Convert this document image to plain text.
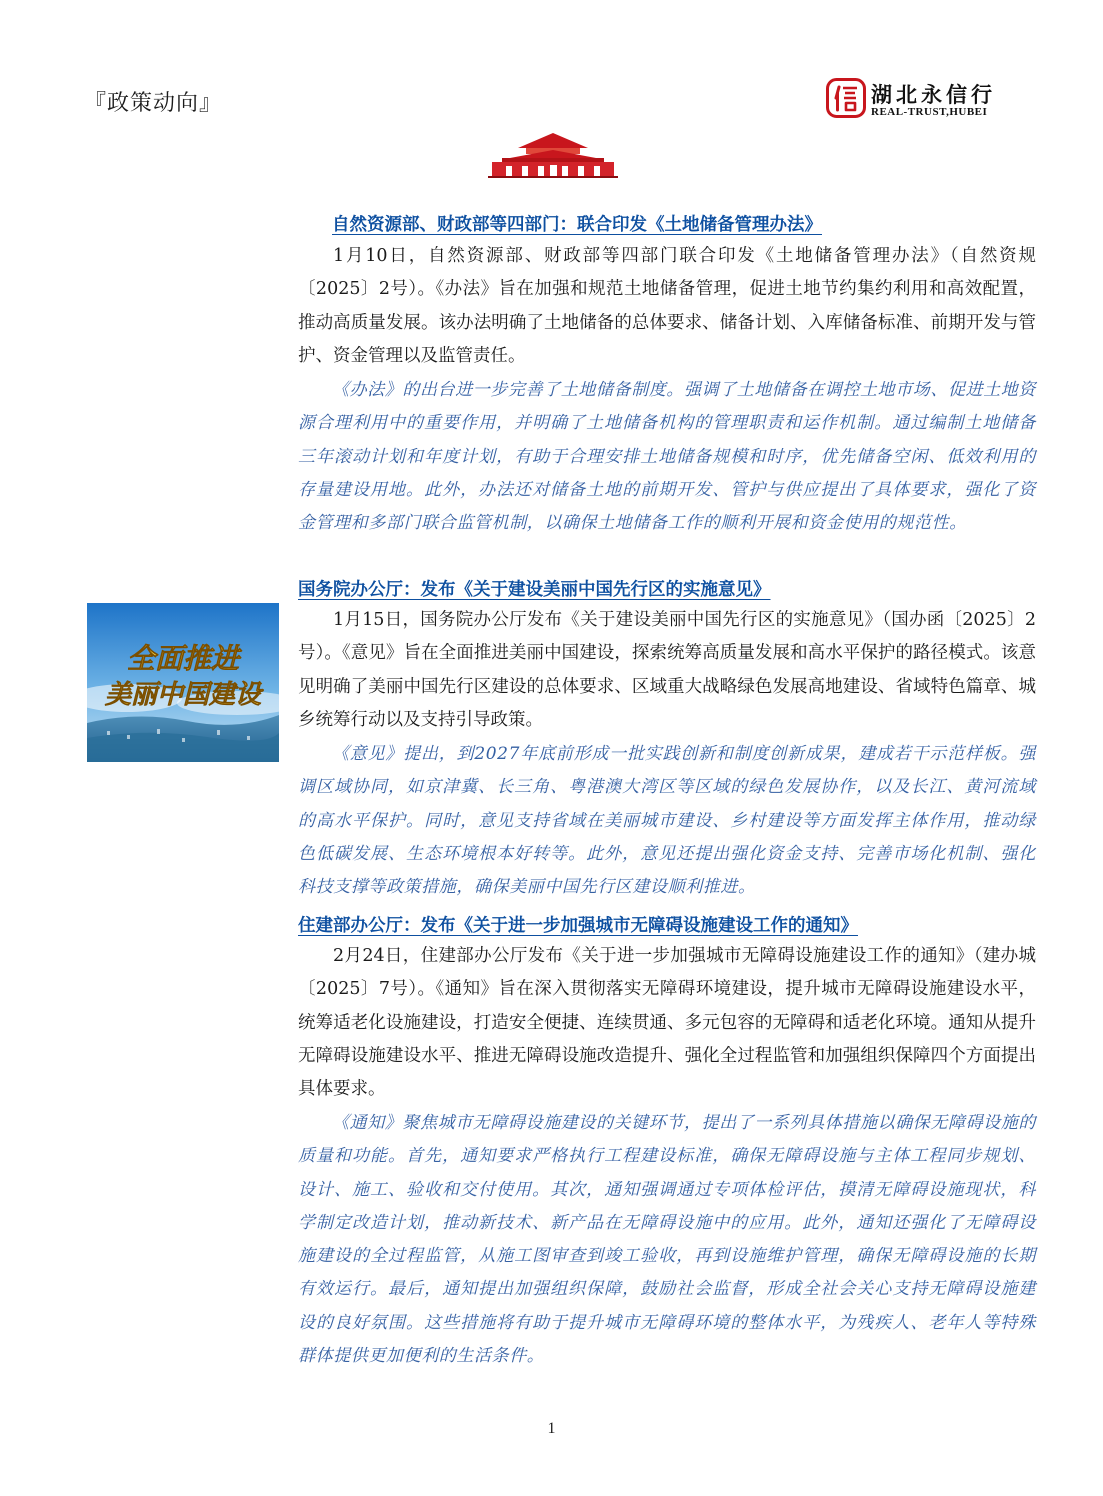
『政策动向』	湖北永信行
REAL-TRUST,HUBEI
自然资源部、财政部等四部门：联合印发《土地储备管理办法》

1月10日，自然资源部、财政部等四部门联合印发《土地储备管理办法》（自然资规〔2025〕2号）。《办法》旨在加强和规范土地储备管理，促进土地节约集约利用和高效配置，推动高质量发展。该办法明确了土地储备的总体要求、储备计划、入库储备标准、前期开发与管护、资金管理以及监管责任。

《办法》的出台进一步完善了土地储备制度。强调了土地储备在调控土地市场、促进土地资源合理利用中的重要作用，并明确了土地储备机构的管理职责和运作机制。通过编制土地储备三年滚动计划和年度计划，有助于合理安排土地储备规模和时序，优先储备空闲、低效利用的存量建设用地。此外，办法还对储备土地的前期开发、管护与供应提出了具体要求，强化了资金管理和多部门联合监管机制，以确保土地储备工作的顺利开展和资金使用的规范性。

国务院办公厅：发布《关于建设美丽中国先行区的实施意见》
全面推进
美丽中国建设

1月15日，国务院办公厅发布《关于建设美丽中国先行区的实施意见》（国办函〔2025〕2号）。《意见》旨在全面推进美丽中国建设，探索统筹高质量发展和高水平保护的路径模式。该意见明确了美丽中国先行区建设的总体要求、区域重大战略绿色发展高地建设、省域特色篇章、城乡统筹行动以及支持引导政策。

《意见》提出，到2027年底前形成一批实践创新和制度创新成果，建成若干示范样板。强调区域协同，如京津冀、长三角、粤港澳大湾区等区域的绿色发展协作，以及长江、黄河流域的高水平保护。同时，意见支持省域在美丽城市建设、乡村建设等方面发挥主体作用，推动绿色低碳发展、生态环境根本好转等。此外，意见还提出强化资金支持、完善市场化机制、强化科技支撑等政策措施，确保美丽中国先行区建设顺利推进。

住建部办公厅：发布《关于进一步加强城市无障碍设施建设工作的通知》

2月24日，住建部办公厅发布《关于进一步加强城市无障碍设施建设工作的通知》（建办城〔2025〕7号）。《通知》旨在深入贯彻落实无障碍环境建设，提升城市无障碍设施建设水平，统筹适老化设施建设，打造安全便捷、连续贯通、多元包容的无障碍和适老化环境。通知从提升无障碍设施建设水平、推进无障碍设施改造提升、强化全过程监管和加强组织保障四个方面提出具体要求。

《通知》聚焦城市无障碍设施建设的关键环节，提出了一系列具体措施以确保无障碍设施的质量和功能。首先，通知要求严格执行工程建设标准，确保无障碍设施与主体工程同步规划、设计、施工、验收和交付使用。其次，通知强调通过专项体检评估，摸清无障碍设施现状，科学制定改造计划，推动新技术、新产品在无障碍设施中的应用。此外，通知还强化了无障碍设施建设的全过程监管，从施工图审查到竣工验收，再到设施维护管理，确保无障碍设施的长期有效运行。最后，通知提出加强组织保障，鼓励社会监督，形成全社会关心支持无障碍设施建设的良好氛围。这些措施将有助于提升城市无障碍环境的整体水平，为残疾人、老年人等特殊群体提供更加便利的生活条件。

1
